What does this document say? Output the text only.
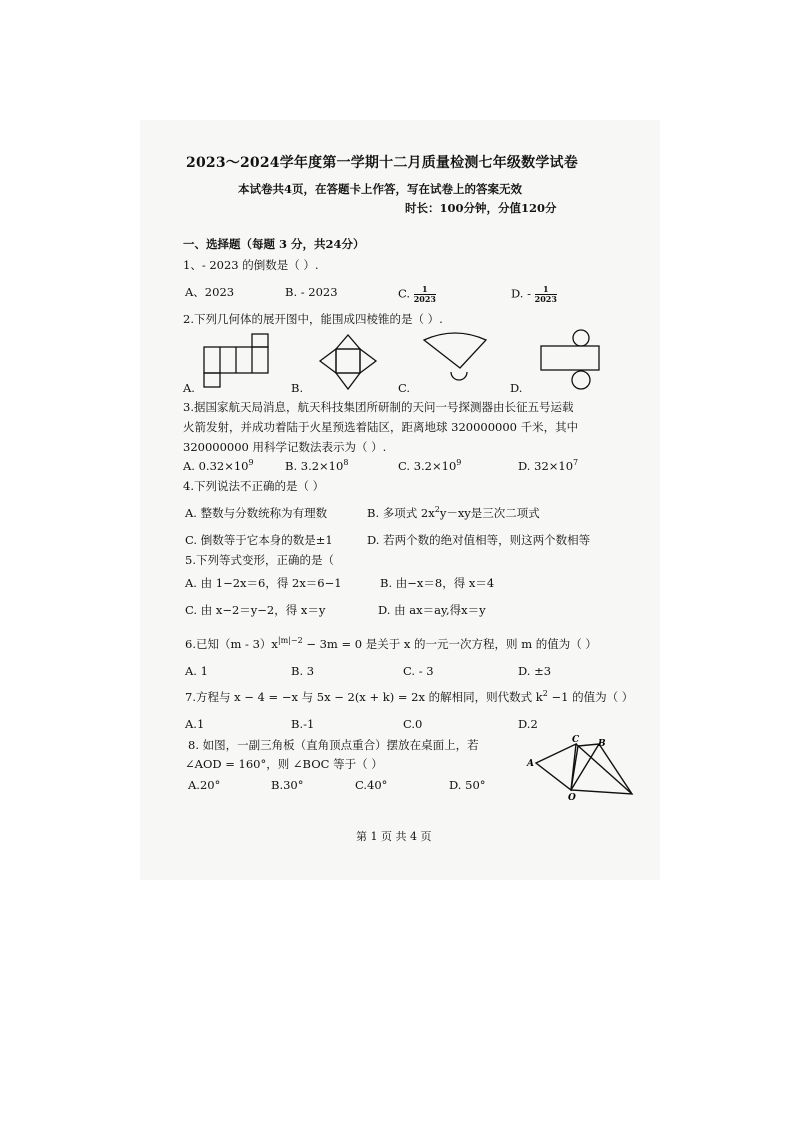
2023～2024学年度第一学期十二月质量检测七年级数学试卷
本试卷共4页，在答题卡上作答，写在试卷上的答案无效
时长：100分钟，分值120分
一、选择题（每题 3 分，共24分）
1、- 2023 的倒数是（ ）.
A、2023	B. - 2023	C. $\frac{1}{2023}$	D. - $\frac{1}{2023}$
2.下列几何体的展开图中，能围成四棱锥的是（ ）.
A.	B.	C.	D.
3.据国家航天局消息，航天科技集团所研制的天问一号探测器由长征五号运载
火箭发射，并成功着陆于火星预选着陆区，距离地球 320000000 千米，其中
320000000 用科学记数法表示为（ ）.
A. $0.32\times 10^9$	B. $3.2\times 10^8$	C. $3.2\times 10^9$	D. $32\times 10^7$
4.下列说法不正确的是（ ）
A. 整数与分数统称为有理数	B. 多项式 $2x^2y-xy$是三次二项式
C. 倒数等于它本身的数是±1	D. 若两个数的绝对值相等，则这两个数相等
5.下列等式变形，正确的是（
A. 由 1−2x＝6，得 2x＝6−1	B. 由−x＝8，得 x＝4
C. 由 x−2＝y−2，得 x＝y	D. 由 ax＝ay,得x＝y
6.已知$(m - 3)x^{|m|-2} - 3m = 0$ 是关于 x 的一元一次方程，则 m 的值为（ ）
A. 1	B. 3	C. - 3	D. ±3
7.方程与 x − 4 = −x 与 5x − 2(x + k) = 2x 的解相同，则代数式 $k^2 -1$ 的值为（ ）
A.1	B.-1	C.0	D.2
8. 如图，一副三角板（直角顶点重合）摆放在桌面上，若
∠AOD = 160°，则 ∠BOC 等于（ ）
A.20°	B.30°	C.40°	D. 50°
A
C B
O
第 1 页 共 4 页
